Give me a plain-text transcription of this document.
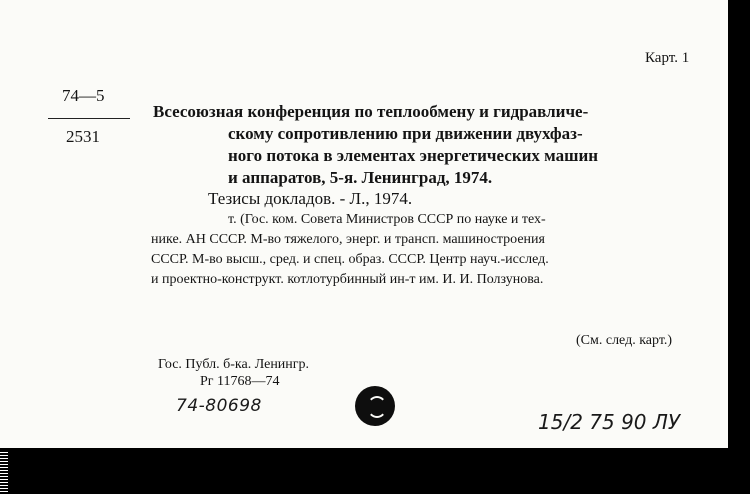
Карт. 1
74—5
2531
Всесоюзная конференция по теплообмену и гидравличе-
скому сопротивлению при движении двухфаз-
ного потока в элементах энергетических машин
и аппаратов, 5-я. Ленинград, 1974.
Тезисы докладов. - Л., 1974.
т. (Гос. ком. Совета Министров СССР по науке и тех-
нике. АН СССР. М-во тяжелого, энерг. и трансп. машиностроения
СССР. М-во высш., сред. и спец. образ. СССР. Центр науч.-исслед.
и проектно-конструкт. котлотурбинный ин-т им. И. И. Ползунова.
(См. след. карт.)
Гос. Публ. б-ка. Ленингр.
Рг 11768—74
74-80698
15/2 75 90 ЛУ
